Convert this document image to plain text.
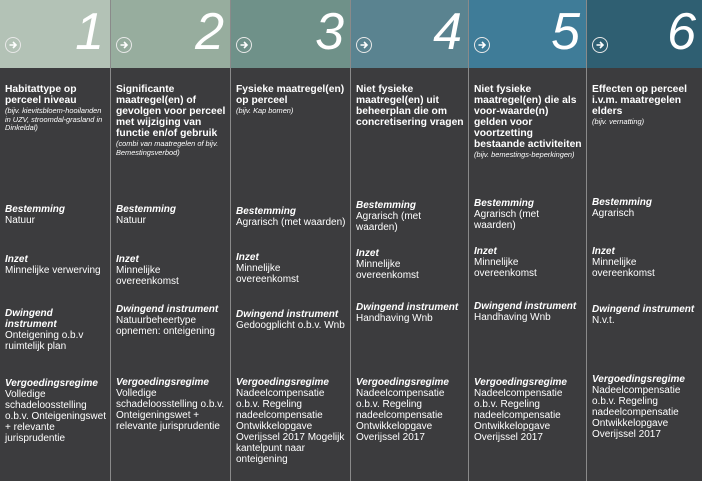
1
Habitattype op perceel niveau
(bijv. kievitsbloem-hooilanden in UZV, stroomdal-grasland in Dinkeldal)
Bestemming
Natuur
Inzet
Minnelijke verwerving
Dwingend instrument
Onteigening o.b.v ruimtelijk plan
Vergoedingsregime
Volledige schadeloosstelling o.b.v. Onteigeningswet + relevante jurisprudentie
2
Significante maatregel(en) of gevolgen voor perceel met wijziging van functie en/of gebruik
(combi van maatregelen of bijv. Bemestingsverbod)
Bestemming
Natuur
Inzet
Minnelijke overeenkomst
Dwingend instrument
Natuurbeheertype opnemen: onteigening
Vergoedingsregime
Volledige schadeloosstelling o.b.v. Onteigeningswet + relevante jurisprudentie
3
Fysieke maatregel(en) op perceel
(bijv. Kap bomen)
Bestemming
Agrarisch (met waarden)
Inzet
Minnelijke overeenkomst
Dwingend instrument
Gedoogplicht o.b.v. Wnb
Vergoedingsregime
Nadeelcompensatie o.b.v. Regeling nadeelcompensatie Ontwikkelopgave Overijssel 2017 Mogelijk kantelpunt naar onteigening
4
Niet fysieke maatregel(en) uit beheerplan die om concretisering vragen
Bestemming
Agrarisch (met waarden)
Inzet
Minnelijke overeenkomst
Dwingend instrument
Handhaving Wnb
Vergoedingsregime
Nadeelcompensatie o.b.v. Regeling nadeelcompensatie Ontwikkelopgave Overijssel 2017
5
Niet fysieke maatregel(en) die als voor-waarde(n) gelden voor voortzetting bestaande activiteiten
(bijv. bemestings-beperkingen)
Bestemming
Agrarisch (met waarden)
Inzet
Minnelijke overeenkomst
Dwingend instrument
Handhaving Wnb
Vergoedingsregime
Nadeelcompensatie o.b.v. Regeling nadeelcompensatie Ontwikkelopgave Overijssel 2017
6
Effecten op perceel i.v.m. maatregelen elders
(bijv. vernatting)
Bestemming
Agrarisch
Inzet
Minnelijke overeenkomst
Dwingend instrument
N.v.t.
Vergoedingsregime
Nadeelcompensatie o.b.v. Regeling nadeelcompensatie Ontwikkelopgave Overijssel 2017
